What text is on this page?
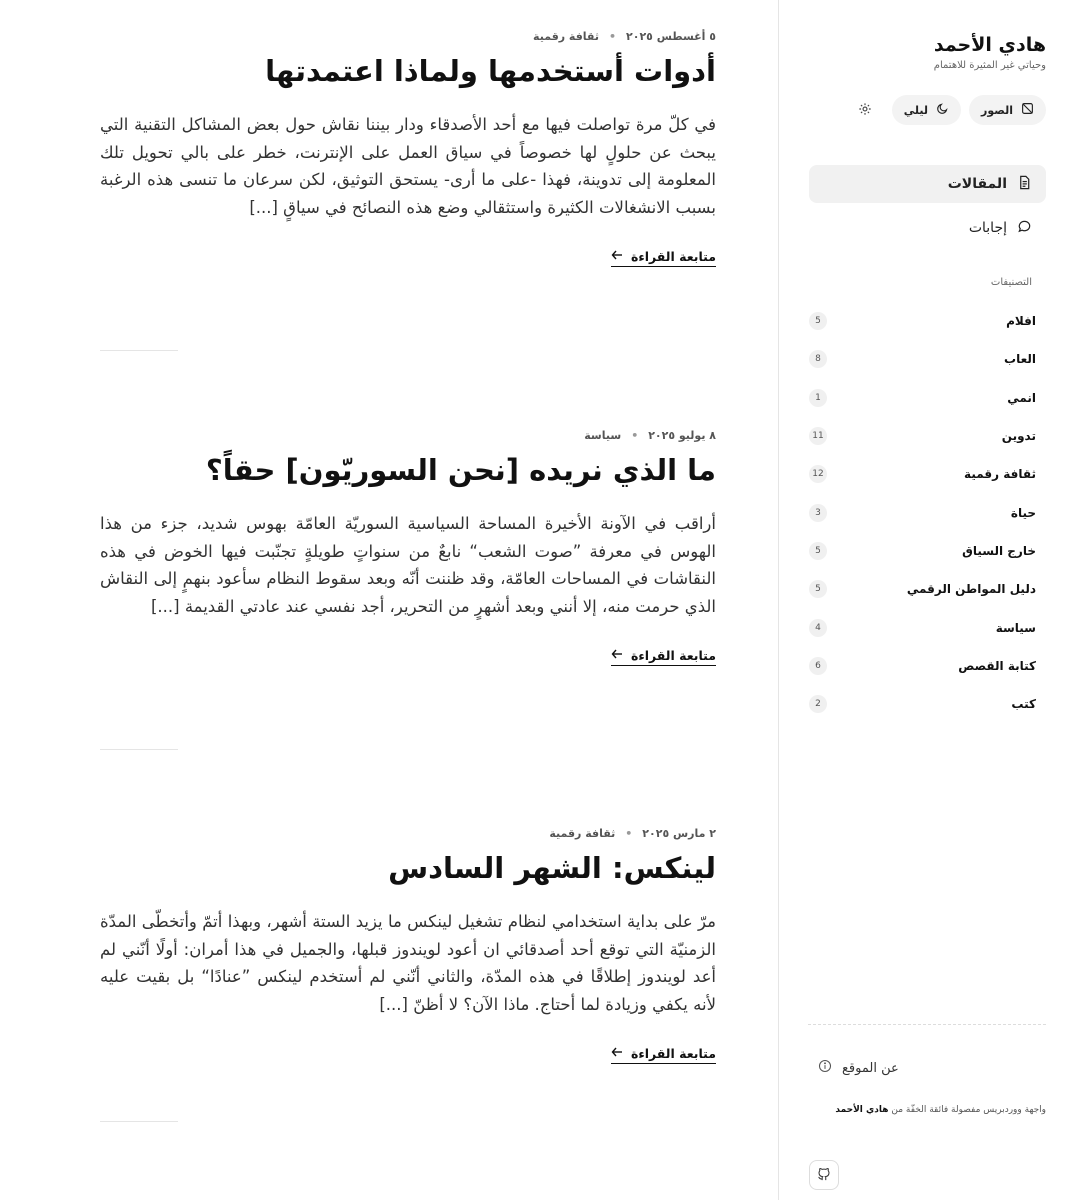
هادي الأحمد
وحياتي غير المثيرة للاهتمام
الصور
ليلي
المقالات
إجابات
التصنيفات
افلام
5
العاب
8
انمي
1
تدوين
11
ثقافة رقمية
12
حياة
3
خارج السياق
5
دليل المواطن الرقمي
5
سياسة
4
كتابة القصص
6
كتب
2
عن الموقع
واجهة ووردبريس مفصولة فائقة الخفّة من هادي الأحمد
٥ أغسطس ٢٠٢٥
•
ثقافة رقمية
أدوات أستخدمها ولماذا اعتمدتها

في كلّ مرة تواصلت فيها مع أحد الأصدقاء ودار بيننا نقاش حول بعض المشاكل التقنية التي يبحث عن حلولٍ لها خصوصاً في سياق العمل على الإنترنت، خطر على بالي تحويل تلك المعلومة إلى تدوينة، فهذا -على ما أرى- يستحق التوثيق، لكن سرعان ما تنسى هذه الرغبة بسبب الانشغالات الكثيرة واستثقالي وضع هذه النصائح في سياقٍ [...]

متابعة القراءة
٨ يوليو ٢٠٢٥
•
سياسة
ما الذي نريده [نحن السوريّون] حقاً؟

أراقب في الآونة الأخيرة المساحة السياسية السوريّة العامّة بهوس شديد، جزء من هذا الهوس في معرفة ”صوت الشعب“ نابعٌ من سنواتٍ طويلةٍ تجنّبت فيها الخوض في هذه النقاشات في المساحات العامّة، وقد ظننت أنّه وبعد سقوط النظام سأعود بنهمٍ إلى النقاش الذي حرمت منه، إلا أنني وبعد أشهرٍ من التحرير، أجد نفسي عند عادتي القديمة [...]

متابعة القراءة
٢ مارس ٢٠٢٥
•
ثقافة رقمية
لينكس: الشهر السادس

مرّ على بداية استخدامي لنظام تشغيل لينكس ما يزيد الستة أشهر، وبهذا أتمّ وأتخطّى المدّة الزمنيّة التي توقع أحد أصدقائي ان أعود لويندوز قبلها، والجميل في هذا أمران: أولًا أنّني لم أعد لويندوز إطلاقًا في هذه المدّة، والثاني أنّني لم أستخدم لينكس ”عنادًا“ بل بقيت عليه لأنه يكفي وزيادة لما أحتاج. ماذا الآن؟ لا أظنّ [...]

متابعة القراءة
